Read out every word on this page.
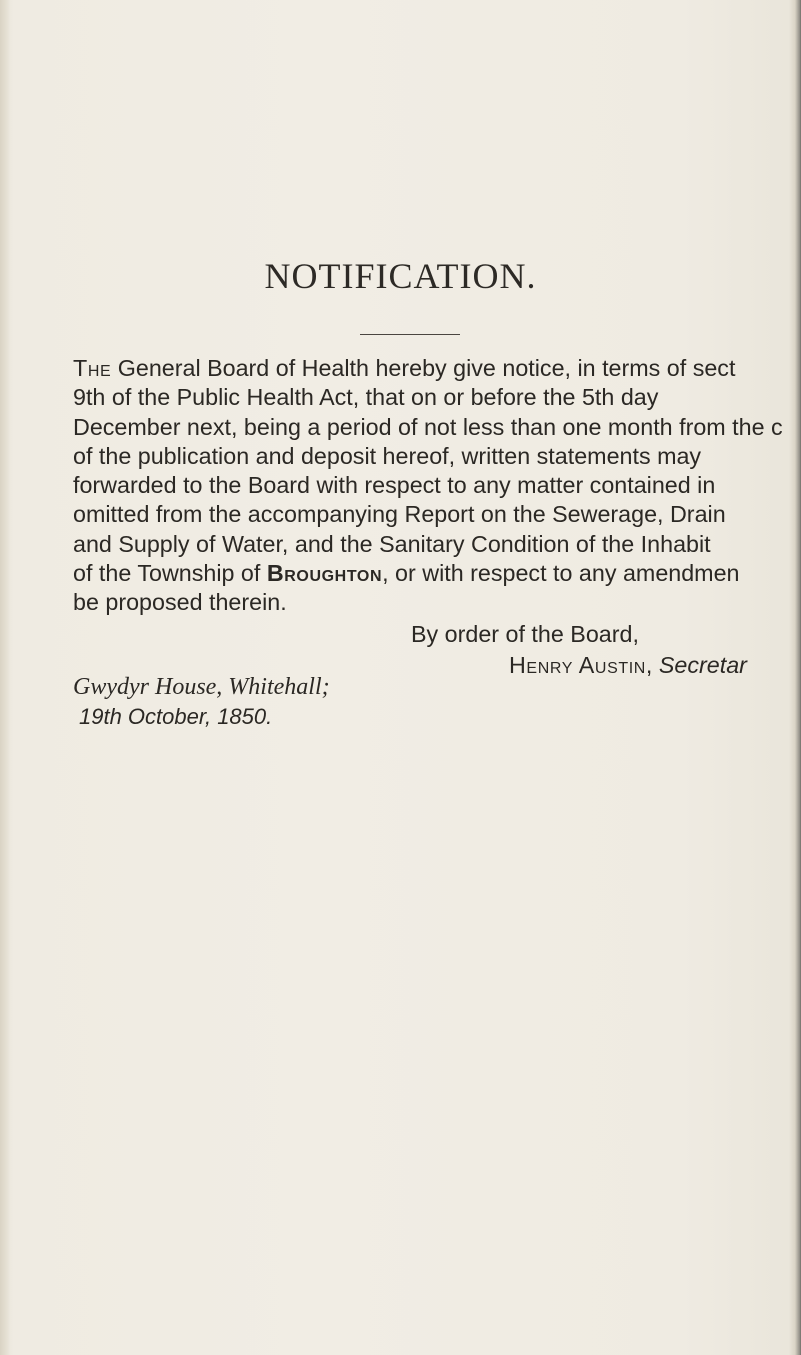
NOTIFICATION.
The General Board of Health hereby give notice, in terms of sect
9th of the Public Health Act, that on or before the 5th day
December next, being a period of not less than one month from the c
of the publication and deposit hereof, written statements may
forwarded to the Board with respect to any matter contained in
omitted from the accompanying Report on the Sewerage, Drain
and Supply of Water, and the Sanitary Condition of the Inhabit
of the Township of Broughton, or with respect to any amendmen
be proposed therein.
By order of the Board,
Henry Austin, Secretar
Gwydyr House, Whitehall;
19th October, 1850.
